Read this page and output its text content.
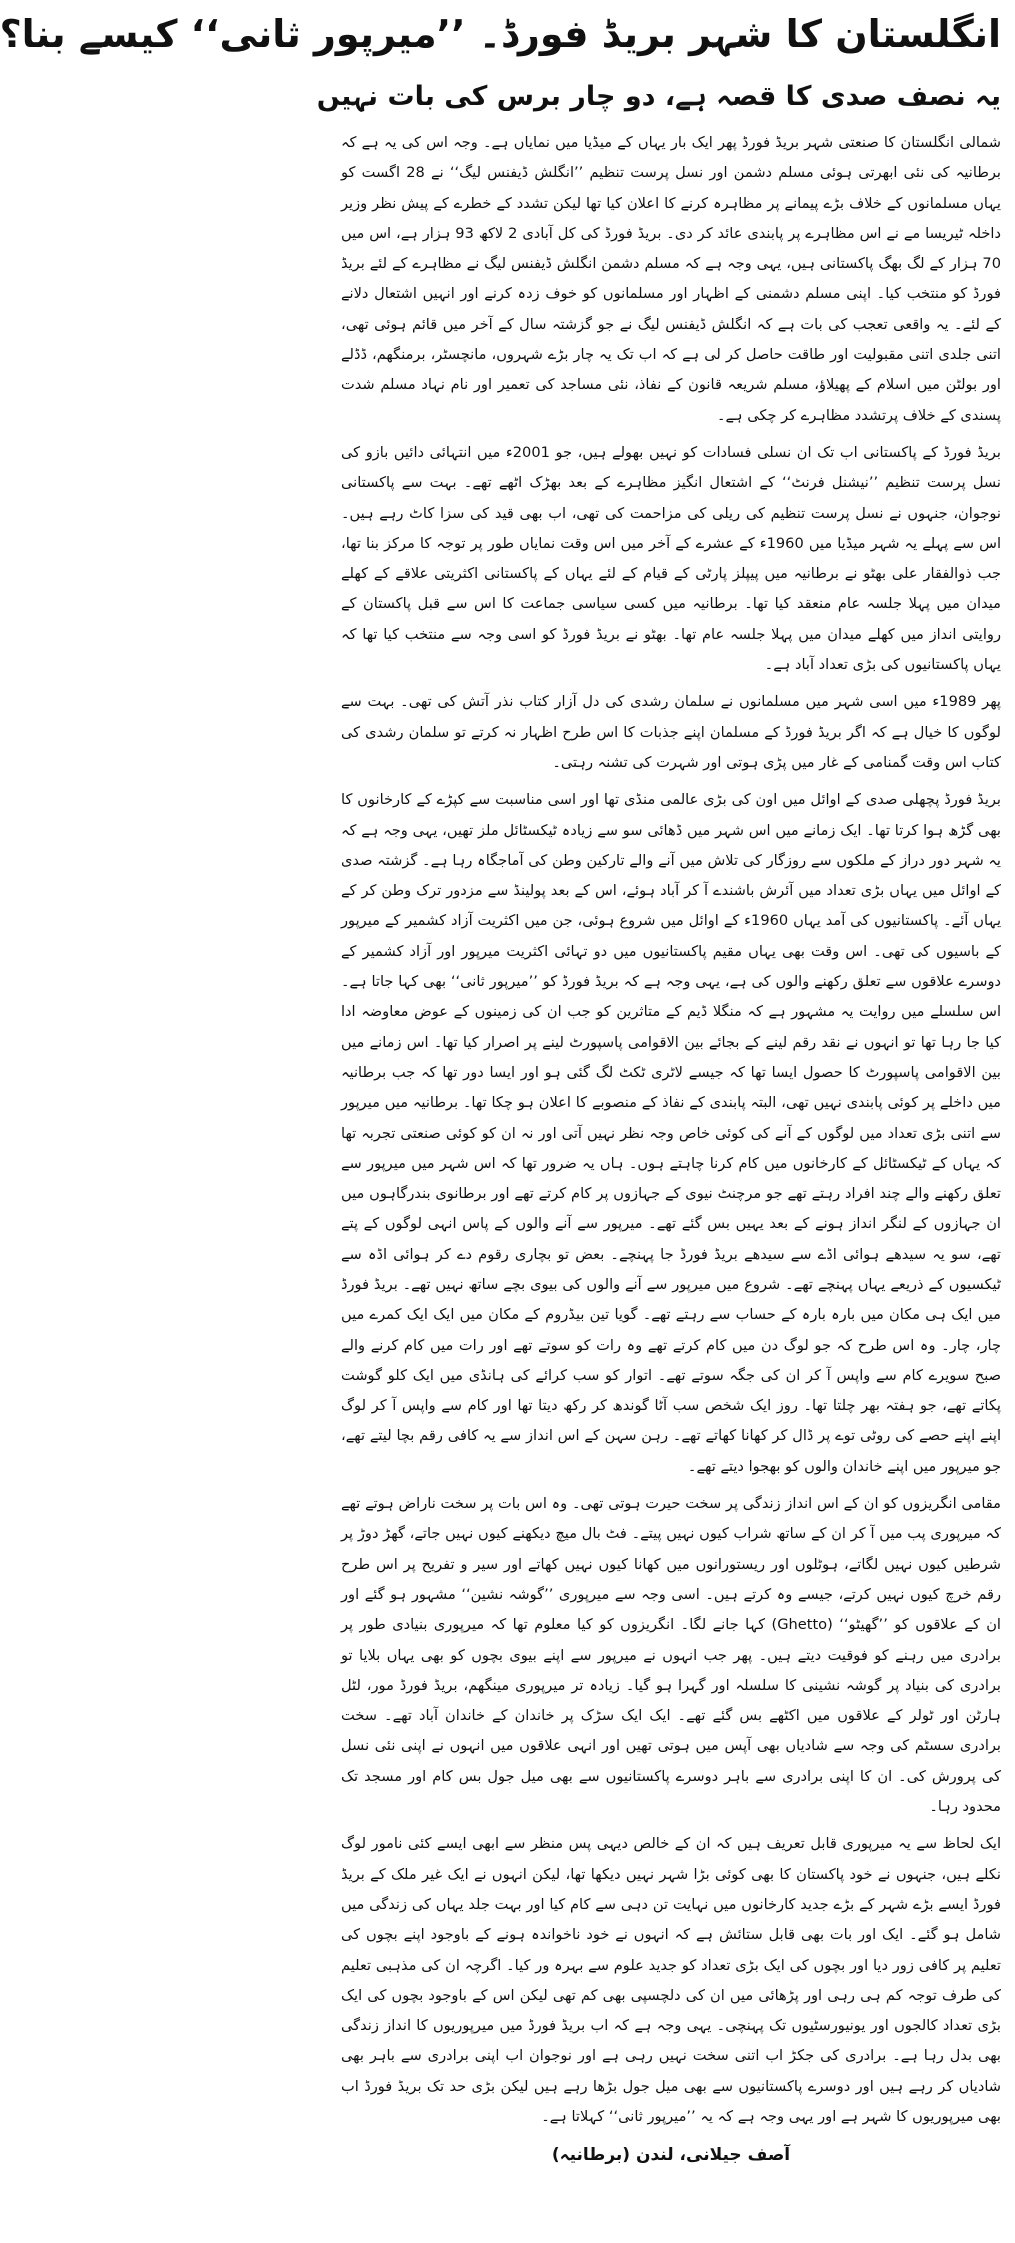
انگلستان کا شہر بریڈ فورڈ۔ ’’میرپور ثانی‘‘ کیسے بنا؟
یہ نصف صدی کا قصہ ہے، دو چار برس کی بات نہیں

شمالی انگلستان کا صنعتی شہر بریڈ فورڈ پھر ایک بار یہاں کے میڈیا میں نمایاں ہے۔ وجہ اس کی یہ ہے کہ برطانیہ کی نئی ابھرتی ہوئی مسلم دشمن اور نسل پرست تنظیم ’’انگلش ڈیفنس لیگ‘‘ نے 28 اگست کو یہاں مسلمانوں کے خلاف بڑے پیمانے پر مظاہرہ کرنے کا اعلان کیا تھا لیکن تشدد کے خطرے کے پیش نظر وزیر داخلہ ٹیریسا مے نے اس مظاہرے پر پابندی عائد کر دی۔ بریڈ فورڈ کی کل آبادی 2 لاکھ 93 ہزار ہے، اس میں 70 ہزار کے لگ بھگ پاکستانی ہیں، یہی وجہ ہے کہ مسلم دشمن انگلش ڈیفنس لیگ نے مظاہرے کے لئے بریڈ فورڈ کو منتخب کیا۔ اپنی مسلم دشمنی کے اظہار اور مسلمانوں کو خوف زدہ کرنے اور انہیں اشتعال دلانے کے لئے۔ یہ واقعی تعجب کی بات ہے کہ انگلش ڈیفنس لیگ نے جو گزشتہ سال کے آخر میں قائم ہوئی تھی، اتنی جلدی اتنی مقبولیت اور طاقت حاصل کر لی ہے کہ اب تک یہ چار بڑے شہروں، مانچسٹر، برمنگھم، ڈڈلے اور بولٹن میں اسلام کے پھیلاؤ، مسلم شریعہ قانون کے نفاذ، نئی مساجد کی تعمیر اور نام نہاد مسلم شدت پسندی کے خلاف پرتشدد مظاہرے کر چکی ہے۔

بریڈ فورڈ کے پاکستانی اب تک ان نسلی فسادات کو نہیں بھولے ہیں، جو 2001ء میں انتہائی دائیں بازو کی نسل پرست تنظیم ’’نیشنل فرنٹ‘‘ کے اشتعال انگیز مظاہرے کے بعد بھڑک اٹھے تھے۔ بہت سے پاکستانی نوجوان، جنہوں نے نسل پرست تنظیم کی ریلی کی مزاحمت کی تھی، اب بھی قید کی سزا کاٹ رہے ہیں۔ اس سے پہلے یہ شہر میڈیا میں 1960ء کے عشرے کے آخر میں اس وقت نمایاں طور پر توجہ کا مرکز بنا تھا، جب ذوالفقار علی بھٹو نے برطانیہ میں پیپلز پارٹی کے قیام کے لئے یہاں کے پاکستانی اکثریتی علاقے کے کھلے میدان میں پہلا جلسہ عام منعقد کیا تھا۔ برطانیہ میں کسی سیاسی جماعت کا اس سے قبل پاکستان کے روایتی انداز میں کھلے میدان میں پہلا جلسہ عام تھا۔ بھٹو نے بریڈ فورڈ کو اسی وجہ سے منتخب کیا تھا کہ یہاں پاکستانیوں کی بڑی تعداد آباد ہے۔

پھر 1989ء میں اسی شہر میں مسلمانوں نے سلمان رشدی کی دل آزار کتاب نذر آتش کی تھی۔ بہت سے لوگوں کا خیال ہے کہ اگر بریڈ فورڈ کے مسلمان اپنے جذبات کا اس طرح اظہار نہ کرتے تو سلمان رشدی کی کتاب اس وقت گمنامی کے غار میں پڑی ہوتی اور شہرت کی تشنہ رہتی۔

بریڈ فورڈ پچھلی صدی کے اوائل میں اون کی بڑی عالمی منڈی تھا اور اسی مناسبت سے کپڑے کے کارخانوں کا بھی گڑھ ہوا کرتا تھا۔ ایک زمانے میں اس شہر میں ڈھائی سو سے زیادہ ٹیکسٹائل ملز تھیں، یہی وجہ ہے کہ یہ شہر دور دراز کے ملکوں سے روزگار کی تلاش میں آنے والے تارکین وطن کی آماجگاہ رہا ہے۔ گزشتہ صدی کے اوائل میں یہاں بڑی تعداد میں آئرش باشندے آ کر آباد ہوئے، اس کے بعد پولینڈ سے مزدور ترک وطن کر کے یہاں آئے۔ پاکستانیوں کی آمد یہاں 1960ء کے اوائل میں شروع ہوئی، جن میں اکثریت آزاد کشمیر کے میرپور کے باسیوں کی تھی۔ اس وقت بھی یہاں مقیم پاکستانیوں میں دو تہائی اکثریت میرپور اور آزاد کشمیر کے دوسرے علاقوں سے تعلق رکھنے والوں کی ہے، یہی وجہ ہے کہ بریڈ فورڈ کو ’’میرپور ثانی‘‘ بھی کہا جاتا ہے۔ اس سلسلے میں روایت یہ مشہور ہے کہ منگلا ڈیم کے متاثرین کو جب ان کی زمینوں کے عوض معاوضہ ادا کیا جا رہا تھا تو انہوں نے نقد رقم لینے کے بجائے بین الاقوامی پاسپورٹ لینے پر اصرار کیا تھا۔ اس زمانے میں بین الاقوامی پاسپورٹ کا حصول ایسا تھا کہ جیسے لاٹری ٹکٹ لگ گئی ہو اور ایسا دور تھا کہ جب برطانیہ میں داخلے پر کوئی پابندی نہیں تھی، البتہ پابندی کے نفاذ کے منصوبے کا اعلان ہو چکا تھا۔ برطانیہ میں میرپور سے اتنی بڑی تعداد میں لوگوں کے آنے کی کوئی خاص وجہ نظر نہیں آتی اور نہ ان کو کوئی صنعتی تجربہ تھا کہ یہاں کے ٹیکسٹائل کے کارخانوں میں کام کرنا چاہتے ہوں۔ ہاں یہ ضرور تھا کہ اس شہر میں میرپور سے تعلق رکھنے والے چند افراد رہتے تھے جو مرچنٹ نیوی کے جہازوں پر کام کرتے تھے اور برطانوی بندرگاہوں میں ان جہازوں کے لنگر انداز ہونے کے بعد یہیں بس گئے تھے۔ میرپور سے آنے والوں کے پاس انہی لوگوں کے پتے تھے، سو یہ سیدھے ہوائی اڈے سے سیدھے بریڈ فورڈ جا پہنچے۔ بعض تو بچاری رقوم دے کر ہوائی اڈہ سے ٹیکسیوں کے ذریعے یہاں پہنچے تھے۔ شروع میں میرپور سے آنے والوں کی بیوی بچے ساتھ نہیں تھے۔ بریڈ فورڈ میں ایک ہی مکان میں بارہ بارہ کے حساب سے رہتے تھے۔ گویا تین بیڈروم کے مکان میں ایک ایک کمرے میں چار، چار۔ وہ اس طرح کہ جو لوگ دن میں کام کرتے تھے وہ رات کو سوتے تھے اور رات میں کام کرنے والے صبح سویرے کام سے واپس آ کر ان کی جگہ سوتے تھے۔ اتوار کو سب کرائے کی ہانڈی میں ایک کلو گوشت پکاتے تھے، جو ہفتہ بھر چلتا تھا۔ روز ایک شخص سب آٹا گوندھ کر رکھ دیتا تھا اور کام سے واپس آ کر لوگ اپنے اپنے حصے کی روٹی توے پر ڈال کر کھانا کھاتے تھے۔ رہن سہن کے اس انداز سے یہ کافی رقم بچا لیتے تھے، جو میرپور میں اپنے خاندان والوں کو بھجوا دیتے تھے۔

مقامی انگریزوں کو ان کے اس انداز زندگی پر سخت حیرت ہوتی تھی۔ وہ اس بات پر سخت ناراض ہوتے تھے کہ میرپوری پب میں آ کر ان کے ساتھ شراب کیوں نہیں پیتے۔ فٹ بال میچ دیکھنے کیوں نہیں جاتے، گھڑ دوڑ پر شرطیں کیوں نہیں لگاتے، ہوٹلوں اور ریستورانوں میں کھانا کیوں نہیں کھاتے اور سیر و تفریح پر اس طرح رقم خرچ کیوں نہیں کرتے، جیسے وہ کرتے ہیں۔ اسی وجہ سے میرپوری ’’گوشہ نشین‘‘ مشہور ہو گئے اور ان کے علاقوں کو ’’گھیٹو‘‘ (Ghetto) کہا جانے لگا۔ انگریزوں کو کیا معلوم تھا کہ میرپوری بنیادی طور پر برادری میں رہنے کو فوقیت دیتے ہیں۔ پھر جب انہوں نے میرپور سے اپنے بیوی بچوں کو بھی یہاں بلایا تو برادری کی بنیاد پر گوشہ نشینی کا سلسلہ اور گہرا ہو گیا۔ زیادہ تر میرپوری مینگھم، بریڈ فورڈ مور، لٹل ہارٹن اور ٹولر کے علاقوں میں اکٹھے بس گئے تھے۔ ایک ایک سڑک پر خاندان کے خاندان آباد تھے۔ سخت برادری سسٹم کی وجہ سے شادیاں بھی آپس میں ہوتی تھیں اور انہی علاقوں میں انہوں نے اپنی نئی نسل کی پرورش کی۔ ان کا اپنی برادری سے باہر دوسرے پاکستانیوں سے بھی میل جول بس کام اور مسجد تک محدود رہا۔

ایک لحاظ سے یہ میرپوری قابل تعریف ہیں کہ ان کے خالص دیہی پس منظر سے ابھی ایسے کئی نامور لوگ نکلے ہیں، جنہوں نے خود پاکستان کا بھی کوئی بڑا شہر نہیں دیکھا تھا، لیکن انہوں نے ایک غیر ملک کے بریڈ فورڈ ایسے بڑے شہر کے بڑے جدید کارخانوں میں نہایت تن دہی سے کام کیا اور بہت جلد یہاں کی زندگی میں شامل ہو گئے۔ ایک اور بات بھی قابل ستائش ہے کہ انہوں نے خود ناخواندہ ہونے کے باوجود اپنے بچوں کی تعلیم پر کافی زور دیا اور بچوں کی ایک بڑی تعداد کو جدید علوم سے بہرہ ور کیا۔ اگرچہ ان کی مذہبی تعلیم کی طرف توجہ کم ہی رہی اور پڑھائی میں ان کی دلچسپی بھی کم تھی لیکن اس کے باوجود بچوں کی ایک بڑی تعداد کالجوں اور یونیورسٹیوں تک پہنچی۔ یہی وجہ ہے کہ اب بریڈ فورڈ میں میرپوریوں کا انداز زندگی بھی بدل رہا ہے۔ برادری کی جکڑ اب اتنی سخت نہیں رہی ہے اور نوجوان اب اپنی برادری سے باہر بھی شادیاں کر رہے ہیں اور دوسرے پاکستانیوں سے بھی میل جول بڑھا رہے ہیں لیکن بڑی حد تک بریڈ فورڈ اب بھی میرپوریوں کا شہر ہے اور یہی وجہ ہے کہ یہ ’’میرپور ثانی‘‘ کہلاتا ہے۔

آصف جیلانی، لندن (برطانیہ)
